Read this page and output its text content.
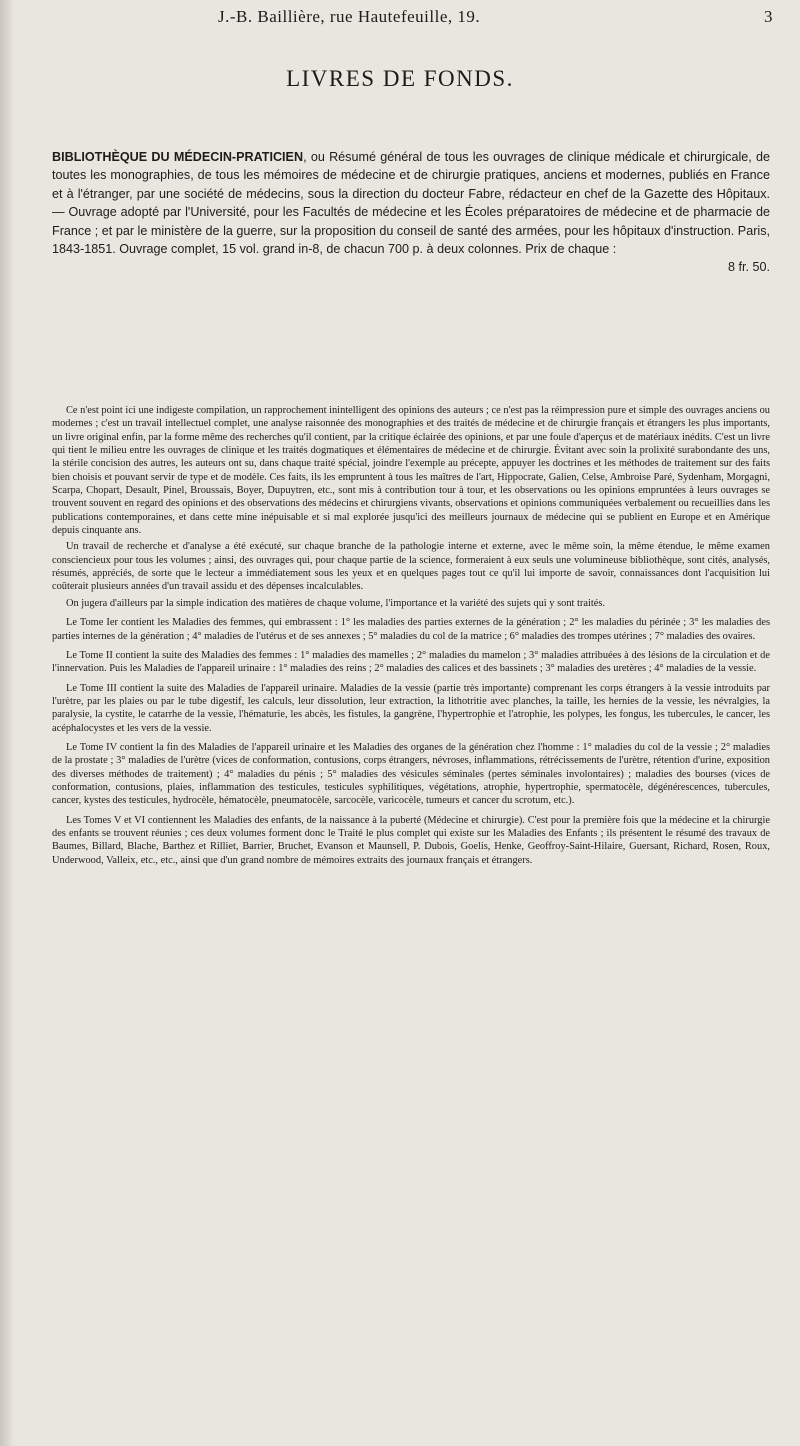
J.-B. Baillière, rue Hautefeuille, 19.	3
LIVRES DE FONDS.
BIBLIOTHÈQUE DU MÉDECIN-PRATICIEN, ou Résumé général de tous les ouvrages de clinique médicale et chirurgicale, de toutes les monographies, de tous les mémoires de médecine et de chirurgie pratiques, anciens et modernes, publiés en France et à l'étranger, par une société de médecins, sous la direction du docteur Fabre, rédacteur en chef de la Gazette des Hôpitaux. — Ouvrage adopté par l'Université, pour les Facultés de médecine et les Écoles préparatoires de médecine et de pharmacie de France ; et par le ministère de la guerre, sur la proposition du conseil de santé des armées, pour les hôpitaux d'instruction. Paris, 1843-1851. Ouvrage complet, 15 vol. grand in-8, de chacun 700 p. à deux colonnes. Prix de chaque :
8 fr. 50.

Ce n'est point ici une indigeste compilation, un rapprochement inintelligent des opinions des auteurs ; ce n'est pas la réimpression pure et simple des ouvrages anciens ou modernes ; c'est un travail intellectuel complet, une analyse raisonnée des monographies et des traités de médecine et de chirurgie français et étrangers les plus importants, un livre original enfin, par la forme même des recherches qu'il contient, par la critique éclairée des opinions, et par une foule d'aperçus et de matériaux inédits. C'est un livre qui tient le milieu entre les ouvrages de clinique et les traités dogmatiques et élémentaires de médecine et de chirurgie. Évitant avec soin la prolixité surabondante des uns, la stérile concision des autres, les auteurs ont su, dans chaque traité spécial, joindre l'exemple au précepte, appuyer les doctrines et les méthodes de traitement sur des faits bien choisis et pouvant servir de type et de modèle. Ces faits, ils les empruntent à tous les maîtres de l'art, Hippocrate, Galien, Celse, Ambroise Paré, Sydenham, Morgagni, Scarpa, Chopart, Desault, Pinel, Broussais, Boyer, Dupuytren, etc., sont mis à contribution tour à tour, et les observations ou les opinions empruntées à leurs ouvrages se trouvent souvent en regard des opinions et des observations des médecins et chirurgiens vivants, observations et opinions communiquées verbalement ou recueillies dans les publications contemporaines, et dans cette mine inépuisable et si mal explorée jusqu'ici des meilleurs journaux de médecine qui se publient en Europe et en Amérique depuis cinquante ans.

Un travail de recherche et d'analyse a été exécuté, sur chaque branche de la pathologie interne et externe, avec le même soin, la même étendue, le même examen consciencieux pour tous les volumes ; ainsi, des ouvrages qui, pour chaque partie de la science, formeraient à eux seuls une volumineuse bibliothèque, sont cités, analysés, résumés, appréciés, de sorte que le lecteur a immédiatement sous les yeux et en quelques pages tout ce qu'il lui importe de savoir, connaissances dont l'acquisition lui coûterait plusieurs années d'un travail assidu et des dépenses incalculables.

On jugera d'ailleurs par la simple indication des matières de chaque volume, l'importance et la variété des sujets qui y sont traités.

Le Tome Ier contient les Maladies des femmes, qui embrassent : 1° les maladies des parties externes de la génération ; 2° les maladies du périnée ; 3° les maladies des parties internes de la génération ; 4° maladies de l'utérus et de ses annexes ; 5° maladies du col de la matrice ; 6° maladies des trompes utérines ; 7° maladies des ovaires.

Le Tome II contient la suite des Maladies des femmes : 1° maladies des mamelles ; 2° maladies du mamelon ; 3° maladies attribuées à des lésions de la circulation et de l'innervation. Puis les Maladies de l'appareil urinaire : 1° maladies des reins ; 2° maladies des calices et des bassinets ; 3° maladies des uretères ; 4° maladies de la vessie.

Le Tome III contient la suite des Maladies de l'appareil urinaire. Maladies de la vessie (partie très importante) comprenant les corps étrangers à la vessie introduits par l'urètre, par les plaies ou par le tube digestif, les calculs, leur dissolution, leur extraction, la lithotritie avec planches, la taille, les hernies de la vessie, les névralgies, la paralysie, la cystite, le catarrhe de la vessie, l'hématurie, les abcès, les fistules, la gangrène, l'hypertrophie et l'atrophie, les polypes, les fongus, les tubercules, le cancer, les acéphalocystes et les vers de la vessie.

Le Tome IV contient la fin des Maladies de l'appareil urinaire et les Maladies des organes de la génération chez l'homme : 1° maladies du col de la vessie ; 2° maladies de la prostate ; 3° maladies de l'urètre (vices de conformation, contusions, corps étrangers, névroses, inflammations, rétrécissements de l'urètre, rétention d'urine, exposition des diverses méthodes de traitement) ; 4° maladies du pénis ; 5° maladies des vésicules séminales (pertes séminales involontaires) ; maladies des bourses (vices de conformation, contusions, plaies, inflammation des testicules, testicules syphilitiques, végétations, atrophie, hypertrophie, spermatocèle, dégénérescences, tubercules, cancer, kystes des testicules, hydrocèle, hématocèle, pneumatocèle, sarcocèle, varicocèle, tumeurs et cancer du scrotum, etc.).

Les Tomes V et VI contiennent les Maladies des enfants, de la naissance à la puberté (Médecine et chirurgie). C'est pour la première fois que la médecine et la chirurgie des enfants se trouvent réunies ; ces deux volumes forment donc le Traité le plus complet qui existe sur les Maladies des Enfants ; ils présentent le résumé des travaux de Baumes, Billard, Blache, Barthez et Rilliet, Barrier, Bruchet, Evanson et Maunsell, P. Dubois, Goelis, Henke, Geoffroy-Saint-Hilaire, Guersant, Richard, Rosen, Roux, Underwood, Valleix, etc., etc., ainsi que d'un grand nombre de mémoires extraits des journaux français et étrangers.
